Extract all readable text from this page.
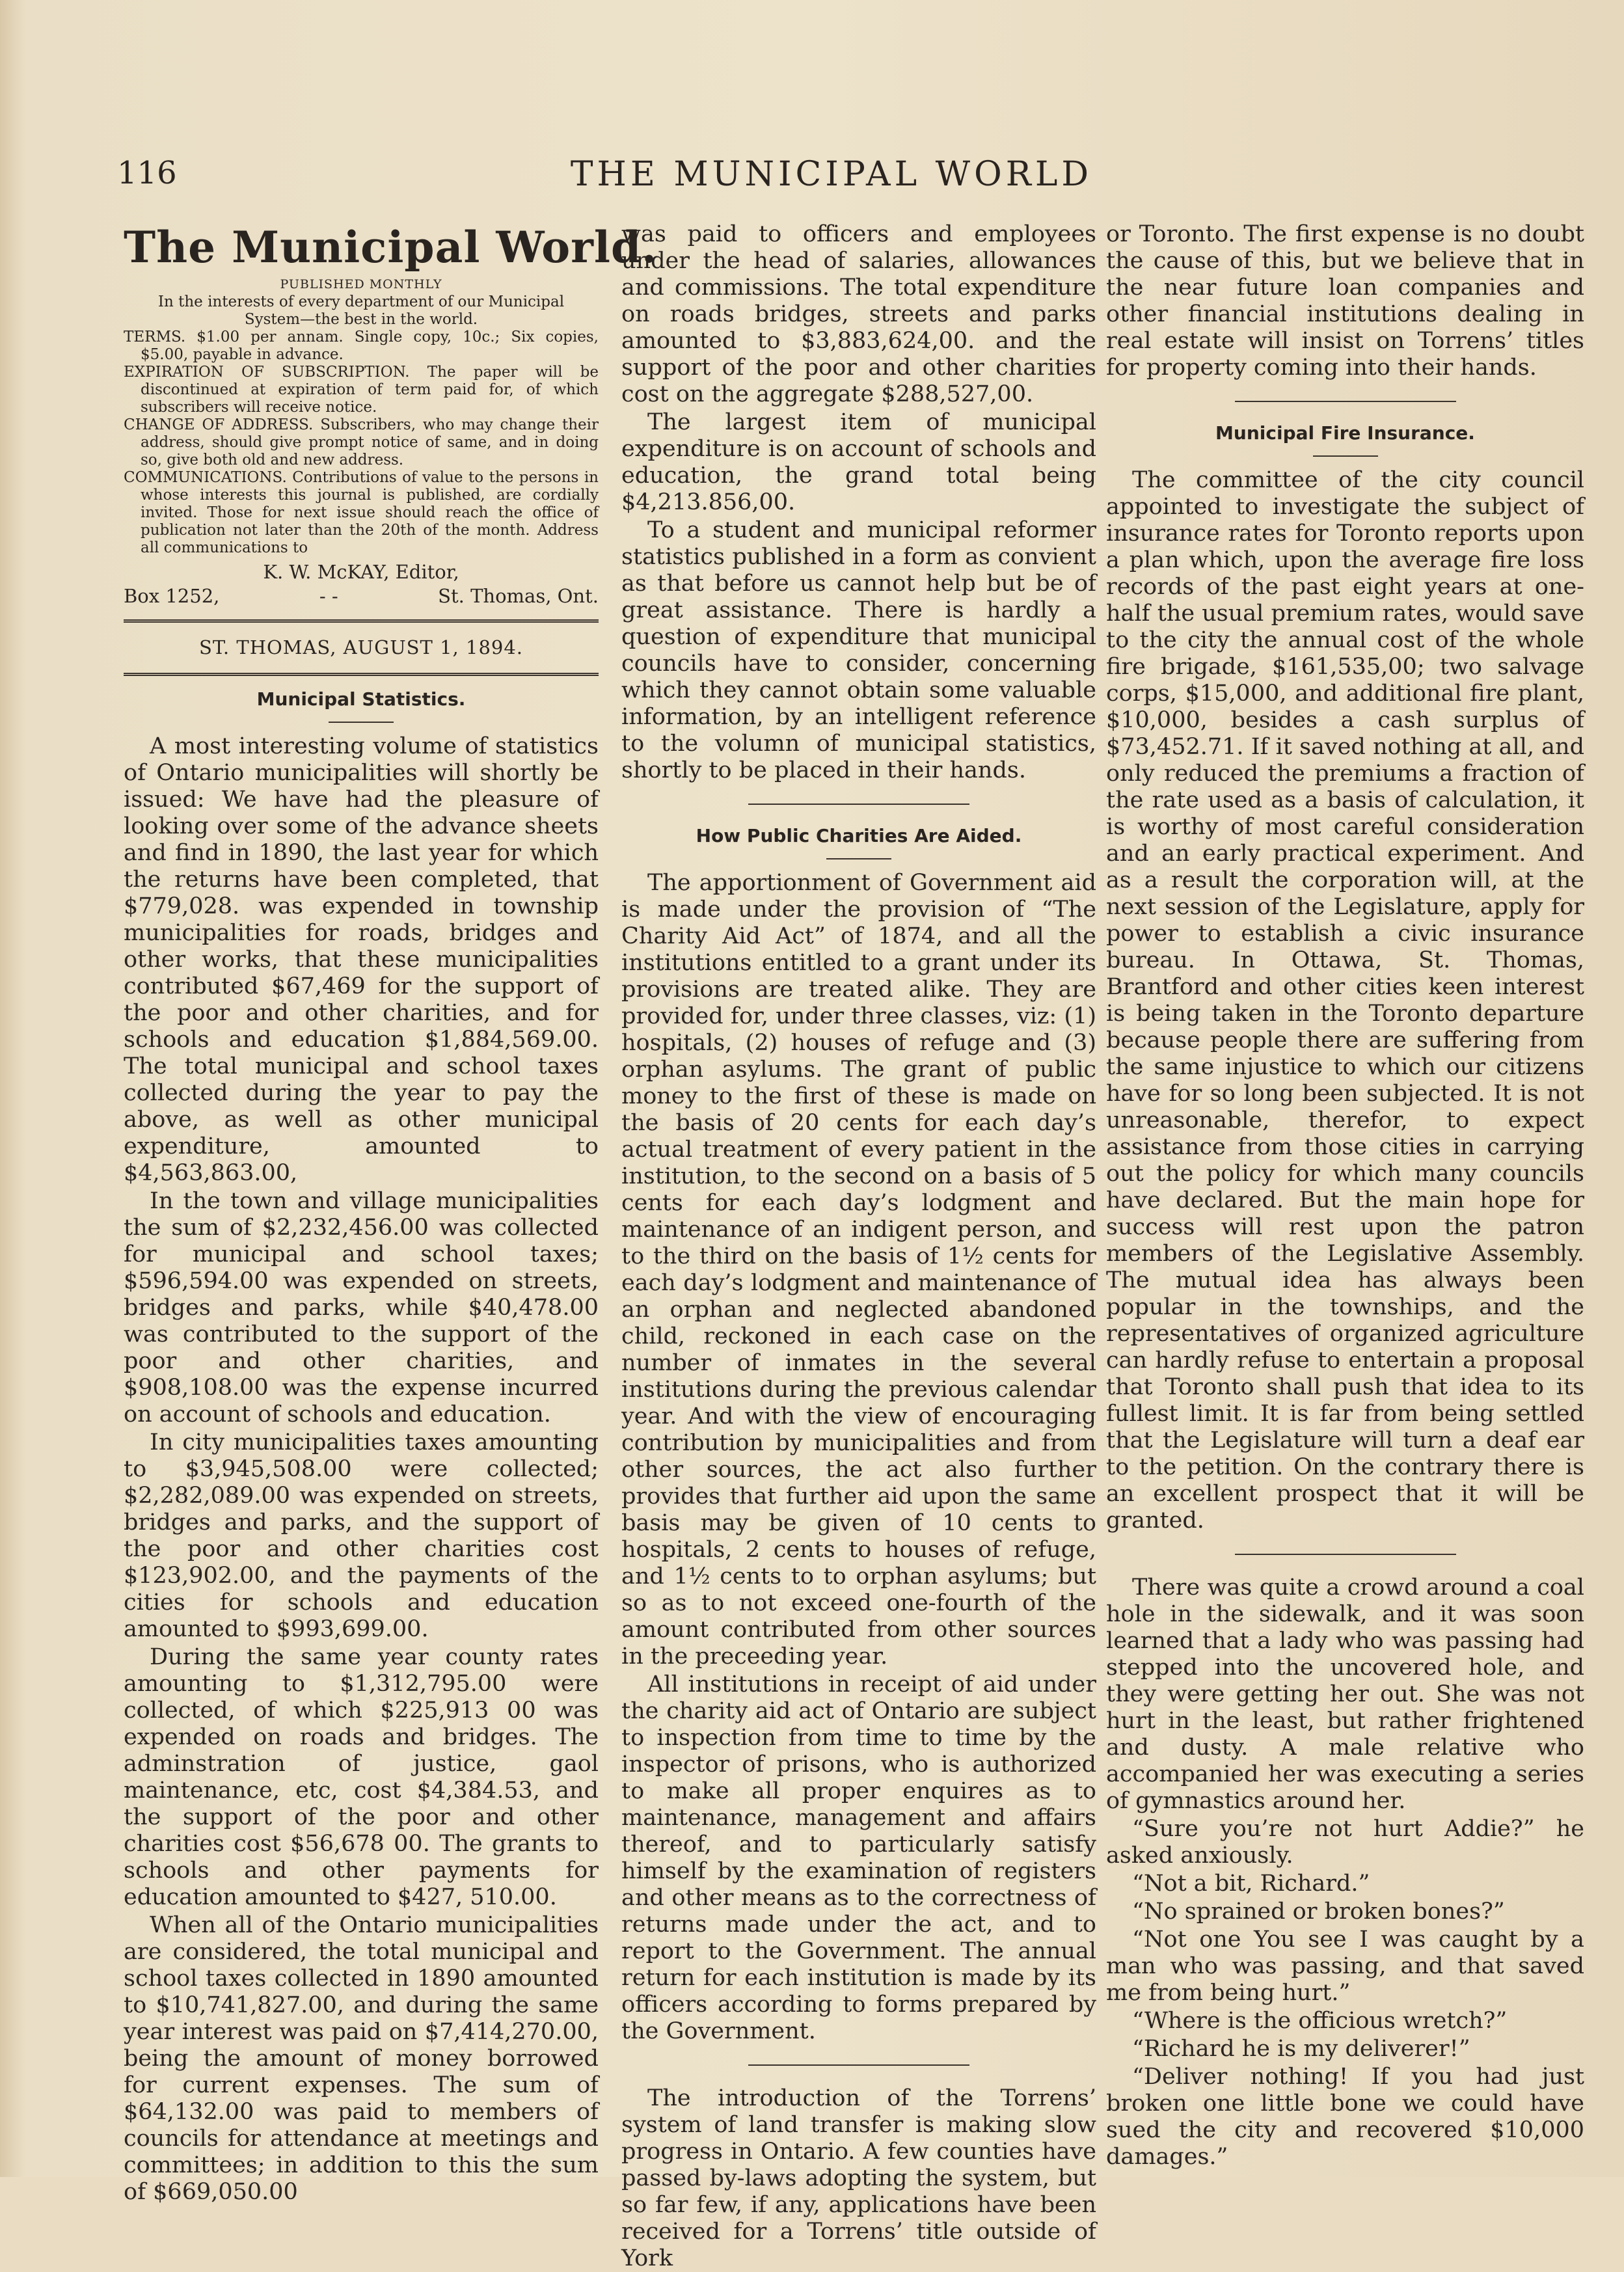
116	THE MUNICIPAL WORLD
The Municipal World.
PUBLISHED MONTHLY
In the interests of every department of our Municipal System—the best in the world.
TERMS. $1.00 per annam. Single copy, 10c.; Six copies, $5.00, payable in advance.
EXPIRATION OF SUBSCRIPTION. The paper will be discontinued at expiration of term paid for, of which subscribers will receive notice.
CHANGE OF ADDRESS. Subscribers, who may change their address, should give prompt notice of same, and in doing so, give both old and new address.
COMMUNICATIONS. Contributions of value to the persons in whose interests this journal is published, are cordially invited. Those for next issue should reach the office of publication not later than the 20th of the month. Address all communications to
K. W. McKAY, Editor,
Box 1252,	- -	St. Thomas, Ont.
ST. THOMAS, AUGUST 1, 1894.
Municipal Statistics.

A most interesting volume of statistics of Ontario municipalities will shortly be issued: We have had the pleasure of looking over some of the advance sheets and find in 1890, the last year for which the returns have been completed, that $779,028. was expended in township municipalities for roads, bridges and other works, that these municipalities contributed $67,469 for the support of the poor and other charities, and for schools and education $1,884,569.00. The total municipal and school taxes collected during the year to pay the above, as well as other municipal expenditure, amounted to $4,563,863.00,

In the town and village municipalities the sum of $2,232,456.00 was collected for municipal and school taxes; $596,594.00 was expended on streets, bridges and parks, while $40,478.00 was contributed to the support of the poor and other charities, and $908,108.00 was the expense incurred on account of schools and education.

In city municipalities taxes amounting to $3,945,508.00 were collected; $2,282,089.00 was expended on streets, bridges and parks, and the support of the poor and other charities cost $123,902.00, and the payments of the cities for schools and education amounted to $993,699.00.

During the same year county rates amounting to $1,312,795.00 were collected, of which $225,913 00 was expended on roads and bridges. The adminstration of justice, gaol maintenance, etc, cost $4,384.53, and the support of the poor and other charities cost $56,678 00. The grants to schools and other payments for education amounted to $427, 510.00.

When all of the Ontario municipalities are considered, the total municipal and school taxes collected in 1890 amounted to $10,741,827.00, and during the same year interest was paid on $7,414,270.00, being the amount of money borrowed for current expenses. The sum of $64,132.00 was paid to members of councils for attendance at meetings and committees; in addition to this the sum of $669,050.00

was paid to officers and employees under the head of salaries, allowances and commissions. The total expenditure on roads bridges, streets and parks amounted to $3,883,624,00. and the support of the poor and other charities cost on the aggregate $288,527,00.

The largest item of municipal expenditure is on account of schools and education, the grand total being $4,213.856,00.

To a student and municipal reformer statistics published in a form as convient as that before us cannot help but be of great assistance. There is hardly a question of expenditure that municipal councils have to consider, concerning which they cannot obtain some valuable information, by an intelligent reference to the volumn of municipal statistics, shortly to be placed in their hands.

How Public Charities Are Aided.

The apportionment of Government aid is made under the provision of “The Charity Aid Act” of 1874, and all the institutions entitled to a grant under its provisions are treated alike. They are provided for, under three classes, viz: (1) hospitals, (2) houses of refuge and (3) orphan asylums. The grant of public money to the first of these is made on the basis of 20 cents for each day’s actual treatment of every patient in the institution, to the second on a basis of 5 cents for each day’s lodgment and maintenance of an indigent person, and to the third on the basis of 1½ cents for each day’s lodgment and maintenance of an orphan and neglected abandoned child, reckoned in each case on the number of inmates in the several institutions during the previous calendar year. And with the view of encouraging contribution by municipalities and from other sources, the act also further provides that further aid upon the same basis may be given of 10 cents to hospitals, 2 cents to houses of refuge, and 1½ cents to to orphan asylums; but so as to not exceed one-fourth of the amount contributed from other sources in the preceeding year.

All institutions in receipt of aid under the charity aid act of Ontario are subject to inspection from time to time by the inspector of prisons, who is authorized to make all proper enquires as to maintenance, management and affairs thereof, and to particularly satisfy himself by the examination of registers and other means as to the correctness of returns made under the act, and to report to the Government. The annual return for each institution is made by its officers according to forms prepared by the Government.

The introduction of the Torrens’ system of land transfer is making slow progress in Ontario. A few counties have passed by-laws adopting the system, but so far few, if any, applications have been received for a Torrens’ title outside of York

or Toronto. The first expense is no doubt the cause of this, but we believe that in the near future loan companies and other financial institutions dealing in real estate will insist on Torrens’ titles for property coming into their hands.

Municipal Fire Insurance.

The committee of the city council appointed to investigate the subject of insurance rates for Toronto reports upon a plan which, upon the average fire loss records of the past eight years at one-half the usual premium rates, would save to the city the annual cost of the whole fire brigade, $161,535,00; two salvage corps, $15,000, and additional fire plant, $10,000, besides a cash surplus of $73,452.71. If it saved nothing at all, and only reduced the premiums a fraction of the rate used as a basis of calculation, it is worthy of most careful consideration and an early practical experiment. And as a result the corporation will, at the next session of the Legislature, apply for power to establish a civic insurance bureau. In Ottawa, St. Thomas, Brantford and other cities keen interest is being taken in the Toronto departure because people there are suffering from the same injustice to which our citizens have for so long been subjected. It is not unreasonable, therefor, to expect assistance from those cities in carrying out the policy for which many councils have declared. But the main hope for success will rest upon the patron members of the Legislative Assembly. The mutual idea has always been popular in the townships, and the representatives of organized agriculture can hardly refuse to entertain a proposal that Toronto shall push that idea to its fullest limit. It is far from being settled that the Legislature will turn a deaf ear to the petition. On the contrary there is an excellent prospect that it will be granted.

There was quite a crowd around a coal hole in the sidewalk, and it was soon learned that a lady who was passing had stepped into the uncovered hole, and they were getting her out. She was not hurt in the least, but rather frightened and dusty. A male relative who accompanied her was executing a series of gymnastics around her.

“Sure you’re not hurt Addie?” he asked anxiously.

“Not a bit, Richard.”

“No sprained or broken bones?”

“Not one You see I was caught by a man who was passing, and that saved me from being hurt.”

“Where is the officious wretch?”

“Richard he is my deliverer!”

“Deliver nothing! If you had just broken one little bone we could have sued the city and recovered $10,000 damages.”
